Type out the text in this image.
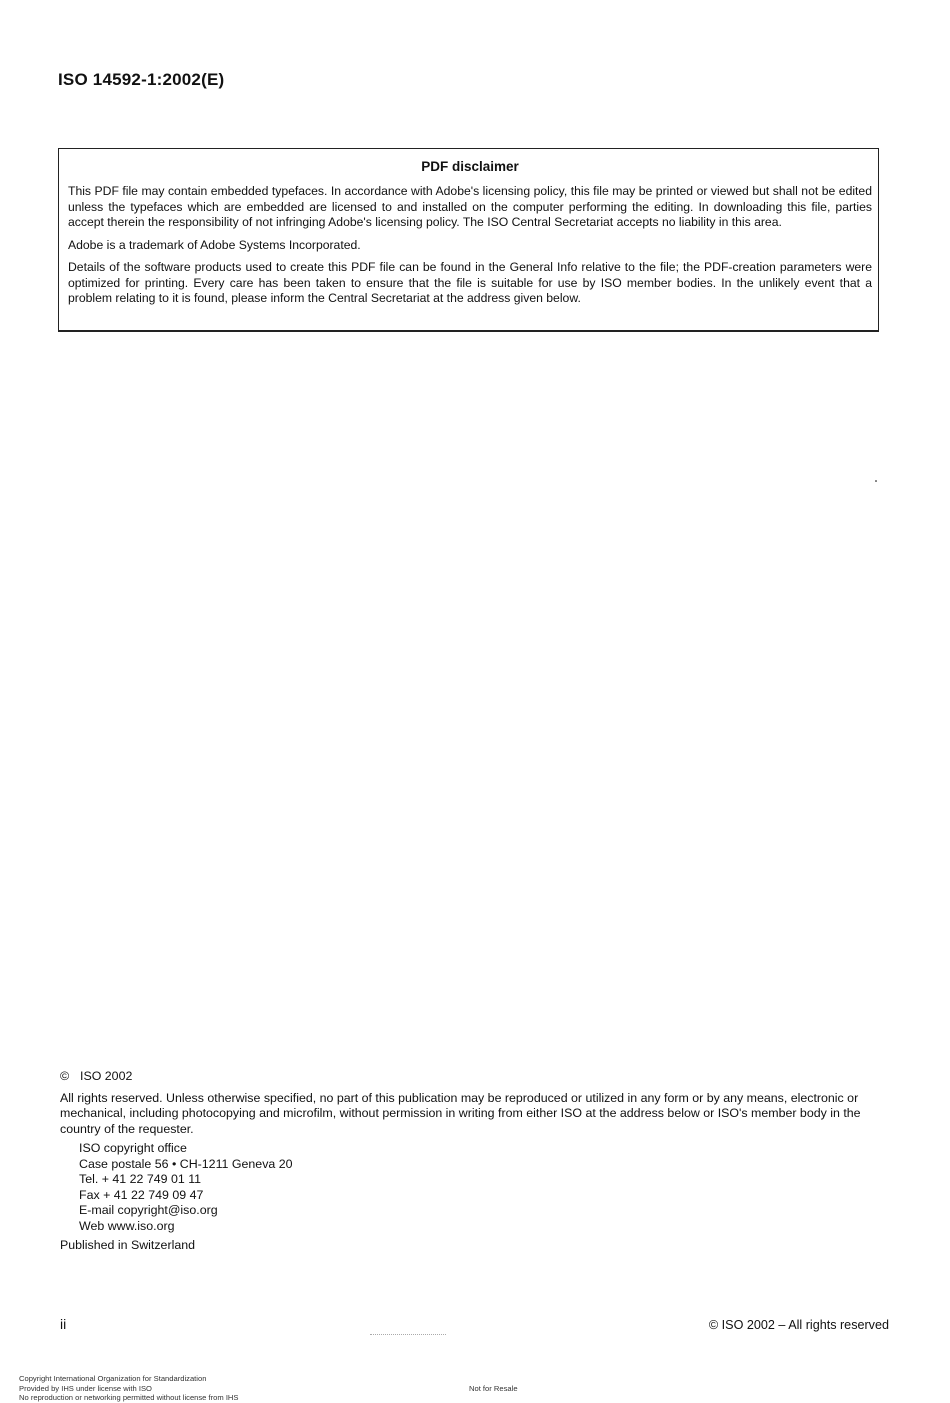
ISO 14592-1:2002(E)
PDF disclaimer

This PDF file may contain embedded typefaces. In accordance with Adobe's licensing policy, this file may be printed or viewed but shall not be edited unless the typefaces which are embedded are licensed to and installed on the computer performing the editing. In downloading this file, parties accept therein the responsibility of not infringing Adobe's licensing policy. The ISO Central Secretariat accepts no liability in this area.

Adobe is a trademark of Adobe Systems Incorporated.

Details of the software products used to create this PDF file can be found in the General Info relative to the file; the PDF-creation parameters were optimized for printing. Every care has been taken to ensure that the file is suitable for use by ISO member bodies. In the unlikely event that a problem relating to it is found, please inform the Central Secretariat at the address given below.

© ISO 2002
All rights reserved. Unless otherwise specified, no part of this publication may be reproduced or utilized in any form or by any means, electronic or mechanical, including photocopying and microfilm, without permission in writing from either ISO at the address below or ISO's member body in the country of the requester.
ISO copyright office
Case postale 56 • CH-1211 Geneva 20
Tel. + 41 22 749 01 11
Fax + 41 22 749 09 47
E-mail copyright@iso.org
Web www.iso.org
Published in Switzerland
ii	© ISO 2002 – All rights reserved
Copyright International Organization for Standardization
Provided by IHS under license with ISO
No reproduction or networking permitted without license from IHS
Not for Resale
